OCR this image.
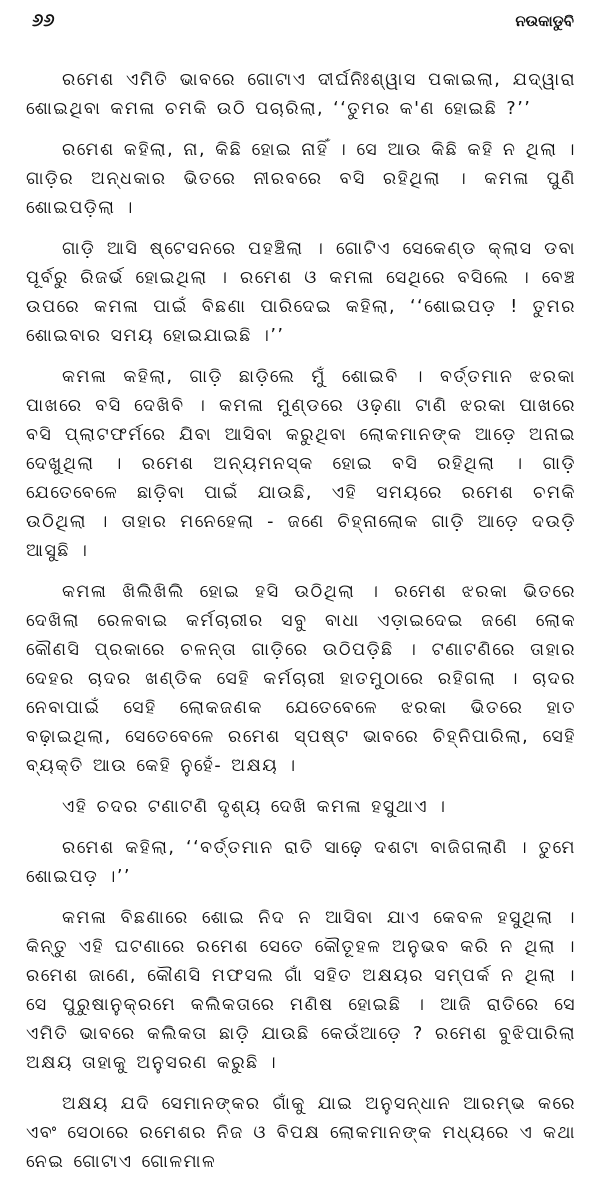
୬୬	ନଉକାଡୁବି

ରମେଶ ଏମିତି ଭାବରେ ଗୋଟାଏ ଦୀର୍ଘନିଃଶ୍ୱାସ ପକାଇଲା, ଯଦ୍ୱାରା ଶୋଇଥିବା କମଳା ଚମକି ଉଠି ପଚାରିଲା, ‘‘ତୁମର କ'ଣ ହୋଇଛି ?’’

ରମେଶ କହିଲା, ନା, କିଛି ହୋଇ ନାହିଁ । ସେ ଆଉ କିଛି କହି ନ ଥିଲା । ଗାଡ଼ିର ଅନ୍ଧକାର ଭିତରେ ନୀରବରେ ବସି ରହିଥିଲା । କମଳା ପୁଣି ଶୋଇପଡ଼ିଲା ।

ଗାଡ଼ି ଆସି ଷ୍ଟେସନରେ ପହଞ୍ଚିଲା । ଗୋଟିଏ ସେକେଣ୍ଡ କ୍ଲାସ ଡବା ପୂର୍ବରୁ ରିଜର୍ଭ ହୋଇଥିଲା । ରମେଶ ଓ କମଳା ସେଥିରେ ବସିଲେ । ବେଞ୍ଚ ଉପରେ କମଳା ପାଇଁ ବିଛଣା ପାରିଦେଇ କହିଲା, ‘‘ଶୋଇପଡ଼ ! ତୁମର ଶୋଇବାର ସମୟ ହୋଇଯାଇଛି ।’’

କମଳା କହିଲା, ଗାଡ଼ି ଛାଡ଼ିଲେ ମୁଁ ଶୋଇବି । ବର୍ତ୍ତମାନ ଝରକା ପାଖରେ ବସି ଦେଖିବି । କମଳା ମୁଣ୍ଡରେ ଓଢ଼ଣା ଟାଣି ଝରକା ପାଖରେ ବସି ପ୍ଲାଟଫର୍ମରେ ଯିବା ଆସିବା କରୁଥିବା ଲୋକମାନଙ୍କ ଆଡ଼େ ଅନାଇ ଦେଖୁଥିଲା । ରମେଶ ଅନ୍ୟମନସ୍କ ହୋଇ ବସି ରହିଥିଲା । ଗାଡ଼ି ଯେତେବେଳେ ଛାଡ଼ିବା ପାଇଁ ଯାଉଛି, ଏହି ସମୟରେ ରମେଶ ଚମକି ଉଠିଥିଲା । ତାହାର ମନେହେଲା - ଜଣେ ଚିହ୍ନାଲୋକ ଗାଡ଼ି ଆଡ଼େ ଦଉଡ଼ି ଆସୁଛି ।

କମଳା ଖିଲିଖିଲି ହୋଇ ହସି ଉଠିଥିଲା । ରମେଶ ଝରକା ଭିତରେ ଦେଖିଲା ରେଳବାଇ କର୍ମଚାରୀର ସବୁ ବାଧା ଏଡ଼ାଇଦେଇ ଜଣେ ଲୋକ କୌଣସି ପ୍ରକାରେ ଚଳନ୍ତା ଗାଡ଼ିରେ ଉଠିପଡ଼ିଛି । ଟଣାଟଣିରେ ତାହାର ଦେହର ଚାଦର ଖଣ୍ଡିକ ସେହି କର୍ମଚାରୀ ହାତମୁଠାରେ ରହିଗଲା । ଚାଦର ନେବାପାଇଁ ସେହି ଲୋକଜଣକ ଯେତେବେଳେ ଝରକା ଭିତରେ ହାତ ବଢ଼ାଇଥିଲା, ସେତେବେଳେ ରମେଶ ସ୍ପଷ୍ଟ ଭାବରେ ଚିହ୍ନିପାରିଲା, ସେହି ବ୍ୟକ୍ତି ଆଉ କେହି ନୁହେଁ- ଅକ୍ଷୟ ।

ଏହି ଚଦର ଟଣାଟଣି ଦୃଶ୍ୟ ଦେଖି କମଳା ହସୁଥାଏ ।

ରମେଶ କହିଲା, ‘‘ବର୍ତ୍ତମାନ ରାତି ସାଢ଼େ ଦଶଟା ବାଜିଗଲାଣି । ତୁମେ ଶୋଇପଡ଼ ।’’

କମଳା ବିଛଣାରେ ଶୋଇ ନିଦ ନ ଆସିବା ଯାଏ କେବଳ ହସୁଥିଲା । କିନ୍ତୁ ଏହି ଘଟଣାରେ ରମେଶ ସେତେ କୌତୂହଳ ଅନୁଭବ କରି ନ ଥିଲା । ରମେଶ ଜାଣେ, କୌଣସି ମଫସଲ ଗାଁ ସହିତ ଅକ୍ଷୟର ସମ୍ପର୍କ ନ ଥିଲା । ସେ ପୁରୁଷାନୁକ୍ରମେ କଲିକତାରେ ମଣିଷ ହୋଇଛି । ଆଜି ରାତିରେ ସେ ଏମିତି ଭାବରେ କଲିକତା ଛାଡ଼ି ଯାଉଛି କେଉଁଆଡ଼େ ? ରମେଶ ବୁଝିପାରିଲା ଅକ୍ଷୟ ତାହାକୁ ଅନୁସରଣ କରୁଛି ।

ଅକ୍ଷୟ ଯଦି ସେମାନଙ୍କର ଗାଁକୁ ଯାଇ ଅନୁସନ୍ଧାନ ଆରମ୍ଭ କରେ ଏବଂ ସେଠାରେ ରମେଶର ନିଜ ଓ ବିପକ୍ଷ ଲୋକମାନଙ୍କ ମଧ୍ୟରେ ଏ କଥା ନେଇ ଗୋଟାଏ ଗୋଳମାଳ
